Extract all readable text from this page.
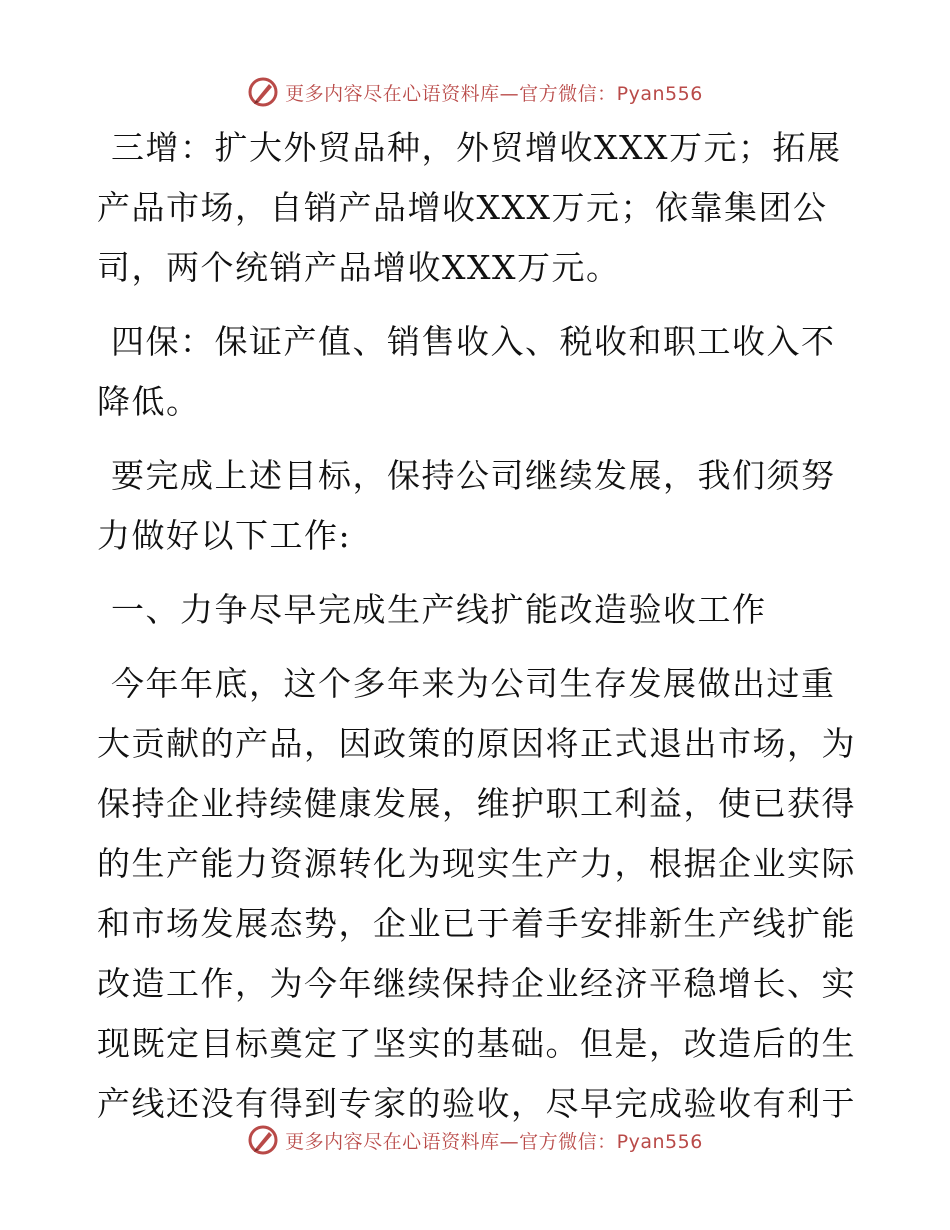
更多内容尽在心语资料库—官方微信：Pyan556

三增：扩大外贸品种，外贸增收XXX万元；拓展产品市场，自销产品增收XXX万元；依靠集团公司，两个统销产品增收XXX万元。

四保：保证产值、销售收入、税收和职工收入不降低。

要完成上述目标，保持公司继续发展，我们须努力做好以下工作:

一、力争尽早完成生产线扩能改造验收工作

今年年底，这个多年来为公司生存发展做出过重大贡献的产品，因政策的原因将正式退出市场，为保持企业持续健康发展，维护职工利益，使已获得的生产能力资源转化为现实生产力，根据企业实际和市场发展态势，企业已于着手安排新生产线扩能改造工作，为今年继续保持企业经济平稳增长、实现既定目标奠定了坚实的基础。但是，改造后的生产线还没有得到专家的验收，尽早完成验收有利于

更多内容尽在心语资料库—官方微信：Pyan556
